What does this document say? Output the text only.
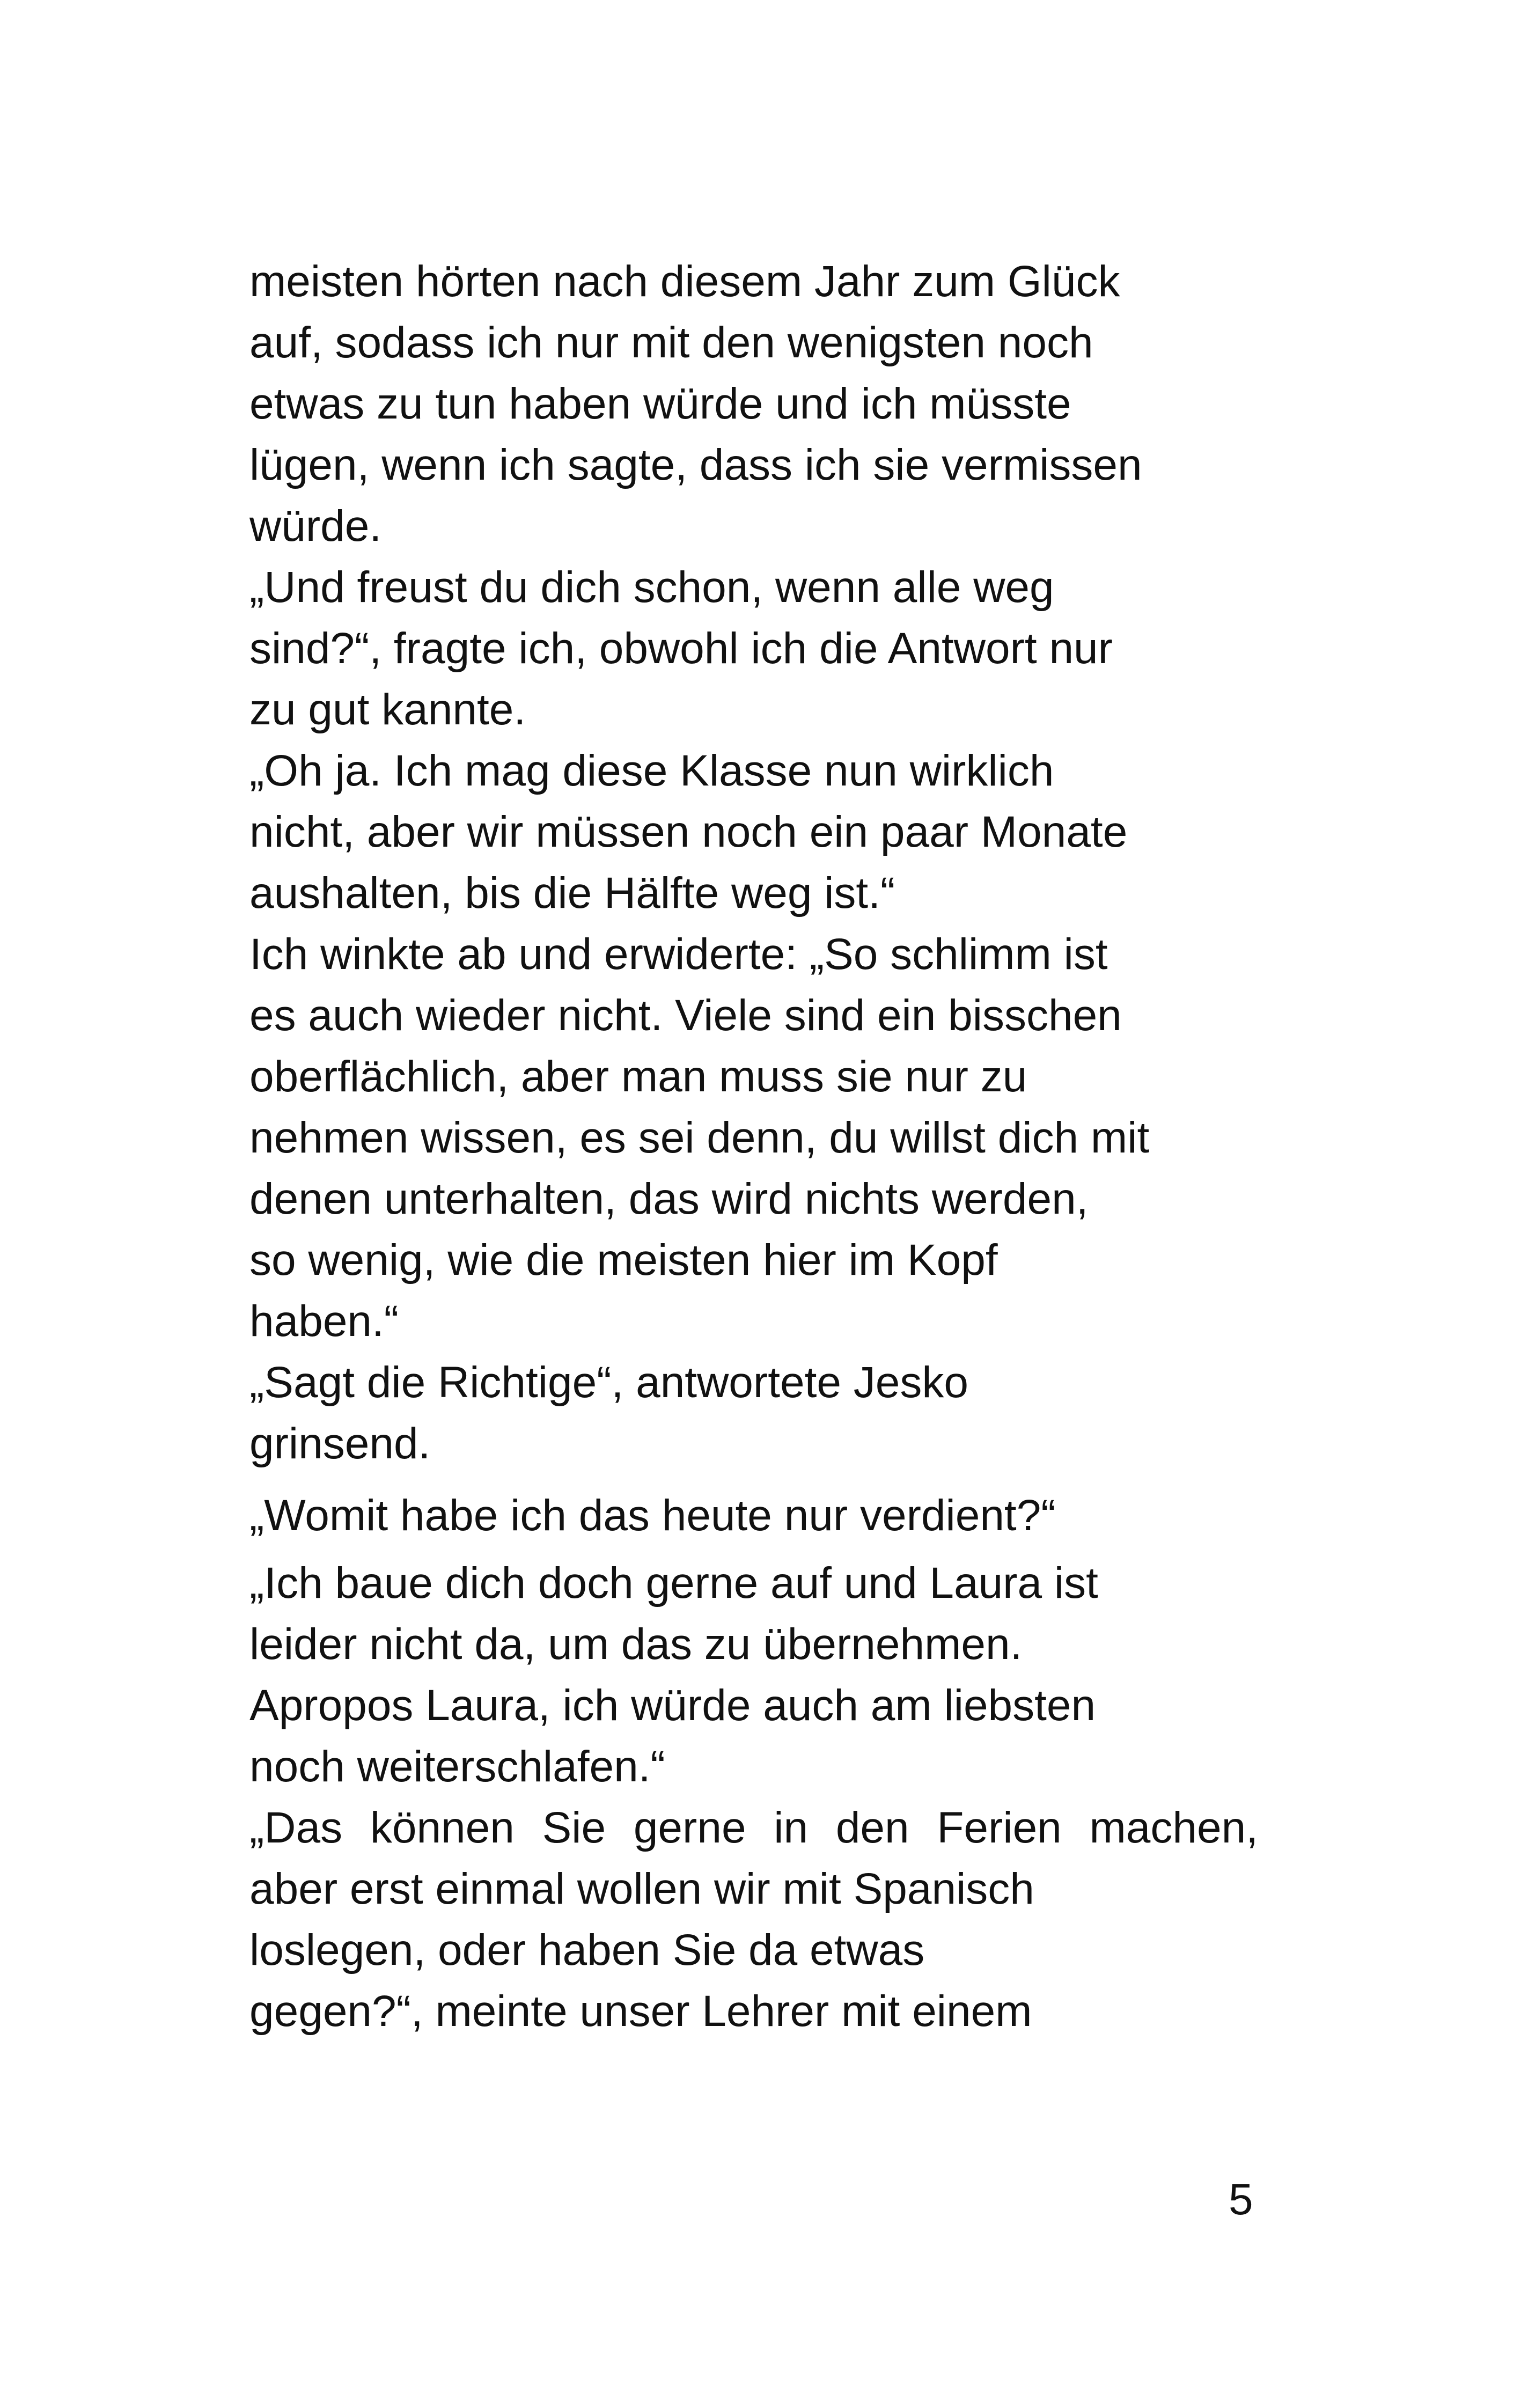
meisten hörten nach diesem Jahr zum Glück
auf, sodass ich nur mit den wenigsten noch
etwas zu tun haben würde und ich müsste
lügen, wenn ich sagte, dass ich sie vermissen
würde.
„Und freust du dich schon, wenn alle weg
sind?“, fragte ich, obwohl ich die Antwort nur
zu gut kannte.
„Oh ja. Ich mag diese Klasse nun wirklich
nicht, aber wir müssen noch ein paar Monate
aushalten, bis die Hälfte weg ist.“
Ich winkte ab und erwiderte: „So schlimm ist
es auch wieder nicht. Viele sind ein bisschen
oberflächlich, aber man muss sie nur zu
nehmen wissen, es sei denn, du willst dich mit
denen unterhalten, das wird nichts werden,
so wenig, wie die meisten hier im Kopf
haben.“
„Sagt die Richtige“, antwortete Jesko
grinsend.
„Womit habe ich das heute nur verdient?“
„Ich baue dich doch gerne auf und Laura ist
leider nicht da, um das zu übernehmen.
Apropos Laura, ich würde auch am liebsten
noch weiterschlafen.“
„Das können Sie gerne in den Ferien machen,
aber erst einmal wollen wir mit Spanisch
loslegen, oder haben Sie da etwas
gegen?“, meinte unser Lehrer mit einem
5
